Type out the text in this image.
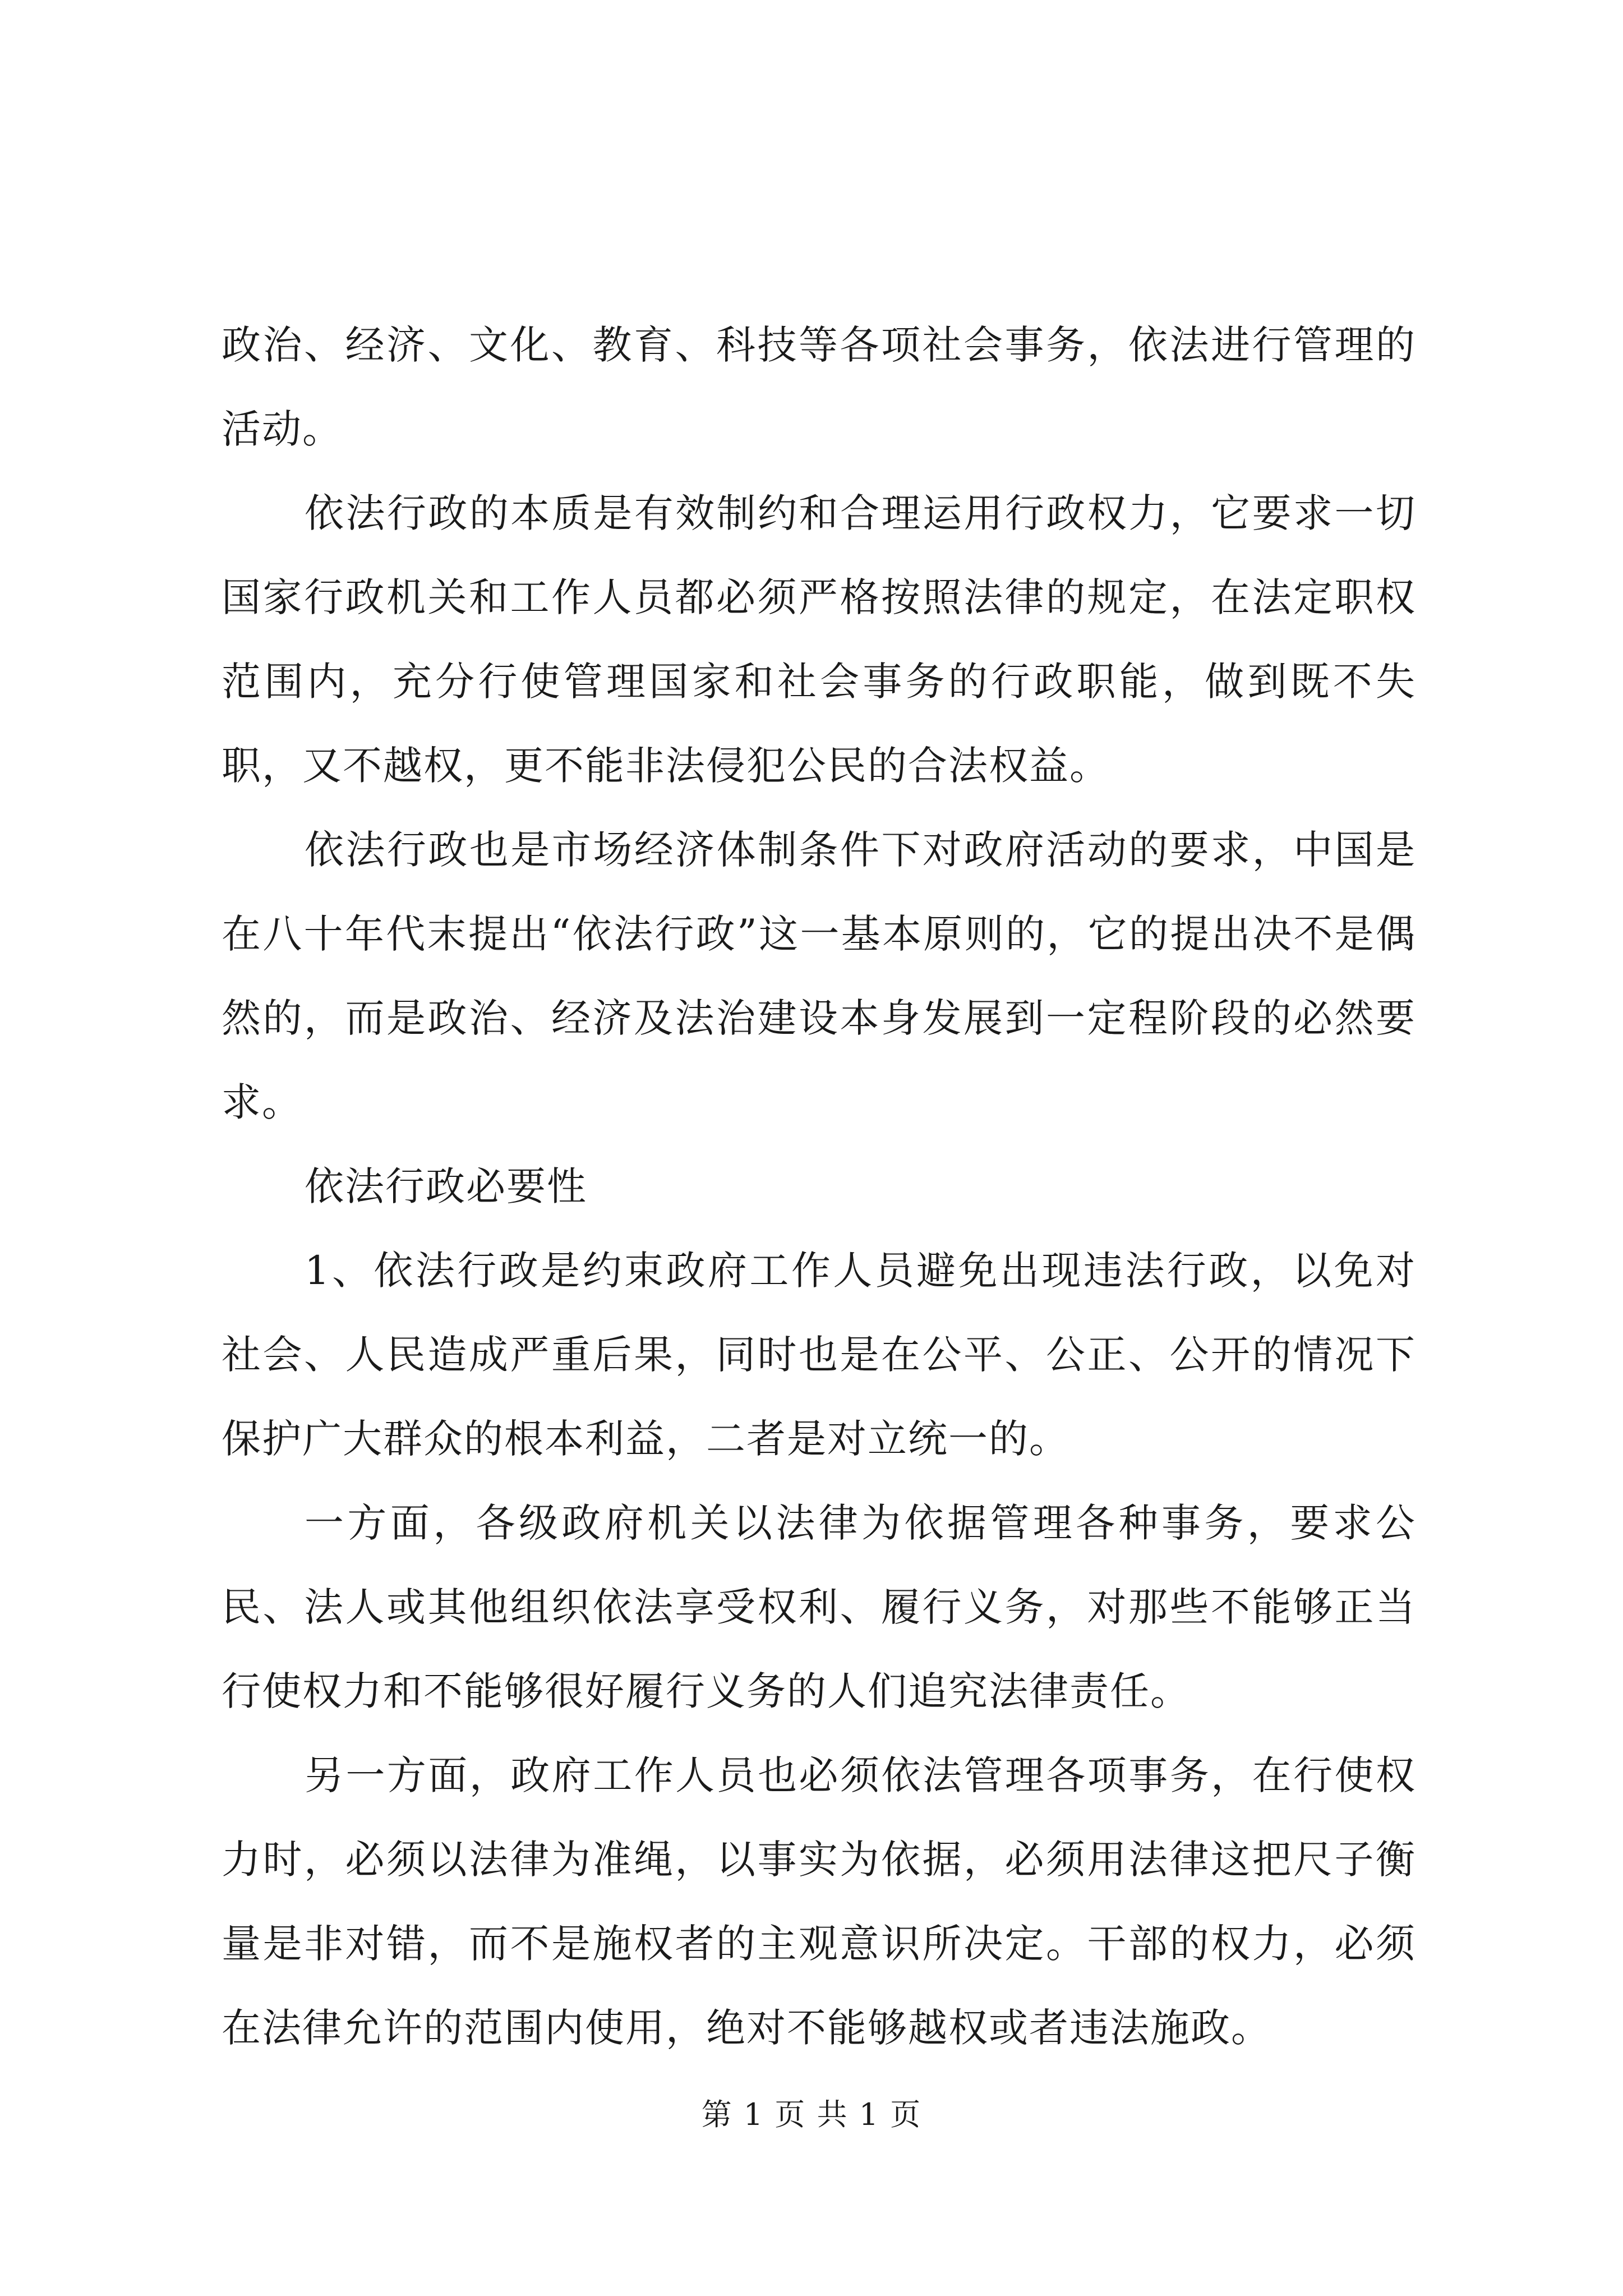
政治、经济、文化、教育、科技等各项社会事务，依法进行管理的活动。

依法行政的本质是有效制约和合理运用行政权力，它要求一切国家行政机关和工作人员都必须严格按照法律的规定，在法定职权范围内，充分行使管理国家和社会事务的行政职能，做到既不失职，又不越权，更不能非法侵犯公民的合法权益。

依法行政也是市场经济体制条件下对政府活动的要求，中国是在八十年代末提出“依法行政”这一基本原则的，它的提出决不是偶然的，而是政治、经济及法治建设本身发展到一定程阶段的必然要求。

依法行政必要性

1、依法行政是约束政府工作人员避免出现违法行政，以免对社会、人民造成严重后果，同时也是在公平、公正、公开的情况下保护广大群众的根本利益，二者是对立统一的。

一方面，各级政府机关以法律为依据管理各种事务，要求公民、法人或其他组织依法享受权利、履行义务，对那些不能够正当行使权力和不能够很好履行义务的人们追究法律责任。

另一方面，政府工作人员也必须依法管理各项事务，在行使权力时，必须以法律为准绳，以事实为依据，必须用法律这把尺子衡量是非对错，而不是施权者的主观意识所决定。干部的权力，必须在法律允许的范围内使用，绝对不能够越权或者违法施政。

第 1 页 共 1 页
